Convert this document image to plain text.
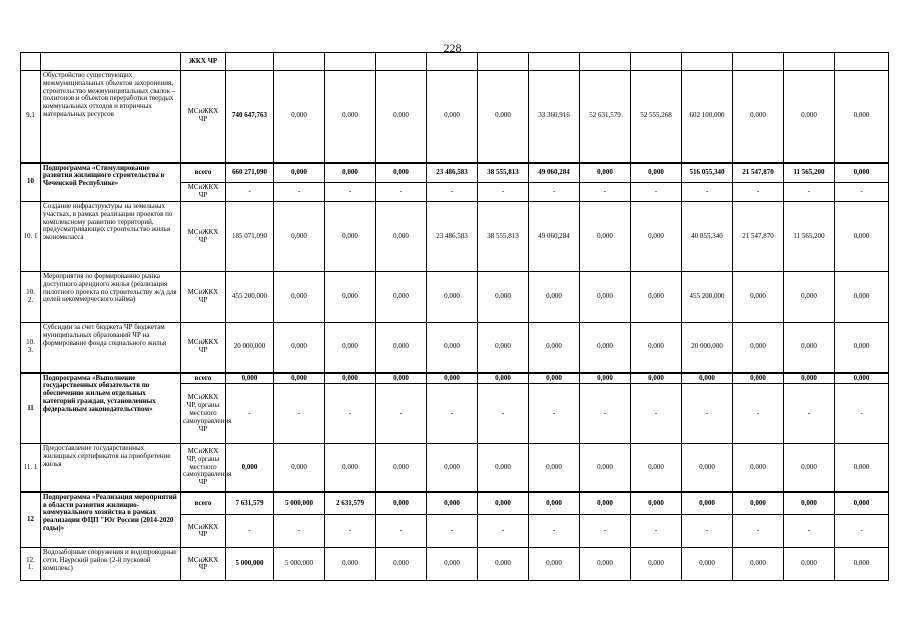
228
		ЖКХ ЧР													
9.1	Обустройство существующих межмуниципальных объектов захоронения, строительство межмуниципальных свалок – полигонов и объектов переработки твердых коммунальных отходов и вторичных материальных ресурсов	МСиЖКХ ЧР	740 647,763	0,000	0,000	0,000	0,000	0,000	33 360,916	52 631,579	52 555,268	602 100,000	0,000	0,000	0,000
10	Подпрограмма «Стимулирование развития жилищного строительства в Чеченской Республике»	всего	660 271,090	0,000	0,000	0,000	23 486,583	38 555,813	49 060,284	0,000	0,000	516 055,340	21 547,870	11 565,200	0,000
		МСиЖКХ ЧР	-	-	-	-	-	-	-	-	-	-	-	-	-
10. 1	Создание инфраструктуры на земельных участках, в рамках реализации проектов по комплексному развитию территорий, предусматривающих строительство жилья экономкласса	МСиЖКХ ЧР	185 071,090	0,000	0,000	0,000	23 486,583	38 555,813	49 060,284	0,000	0,000	40 855,340	21 547,870	11 565,200	0,000
10. 2.	Мероприятия по формированию рынка доступного арендного жилья (реализация пилотного проекта по строительству ж/д для целей некоммерческого найма)	МСиЖКХ ЧР	455 200,000	0,000	0,000	0,000	0,000	0,000	0,000	0,000	0,000	455 200,000	0,000	0,000	0,000
10. 3.	Субсидии за счет бюджета ЧР бюджетам муниципальных образований ЧР на формирование фонда социального жилья	МСиЖКХ ЧР	20 000,000	0,000	0,000	0,000	0,000	0,000	0,000	0,000	0,000	20 000,000	0,000	0,000	0,000
11	Подпрограмма «Выполнение государственных обязательств по обеспечению жильем отдельных категорий граждан, установленных федеральным законодательством»	всего	0,000	0,000	0,000	0,000	0,000	0,000	0,000	0,000	0,000	0,000	0,000	0,000	0,000
		МСиЖКХ ЧР, органы местного самоуправления ЧР	-	-	-	-	-	-	-	-	-	-	-	-	-
11. 1	Предоставление государственных жилищных сертификатов на приобретение жилья	МСиЖКХ ЧР, органы местного самоуправления ЧР	0,000	0,000	0,000	0,000	0,000	0,000	0,000	0,000	0,000	0,000	0,000	0,000	0,000
12	Подпрограмма «Реализация мероприятий в области развития жилищно-коммунального хозяйства в рамках реализации ФЦП "Юг России (2014-2020 годы)»	всего	7 631,579	5 000,000	2 631,579	0,000	0,000	0,000	0,000	0,000	0,000	0,000	0,000	0,000	0,000
		МСиЖКХ ЧР	-	-	-	-	-	-	-	-	-	-	-	-	-
12. 1.	Водозаборные сооружения и водопроводные сети, Наурский район (2-й пусковой комплекс)	МСиЖКХ ЧР	5 000,000	5 000,000	0,000	0,000	0,000	0,000	0,000	0,000	0,000	0,000	0,000	0,000	0,000
